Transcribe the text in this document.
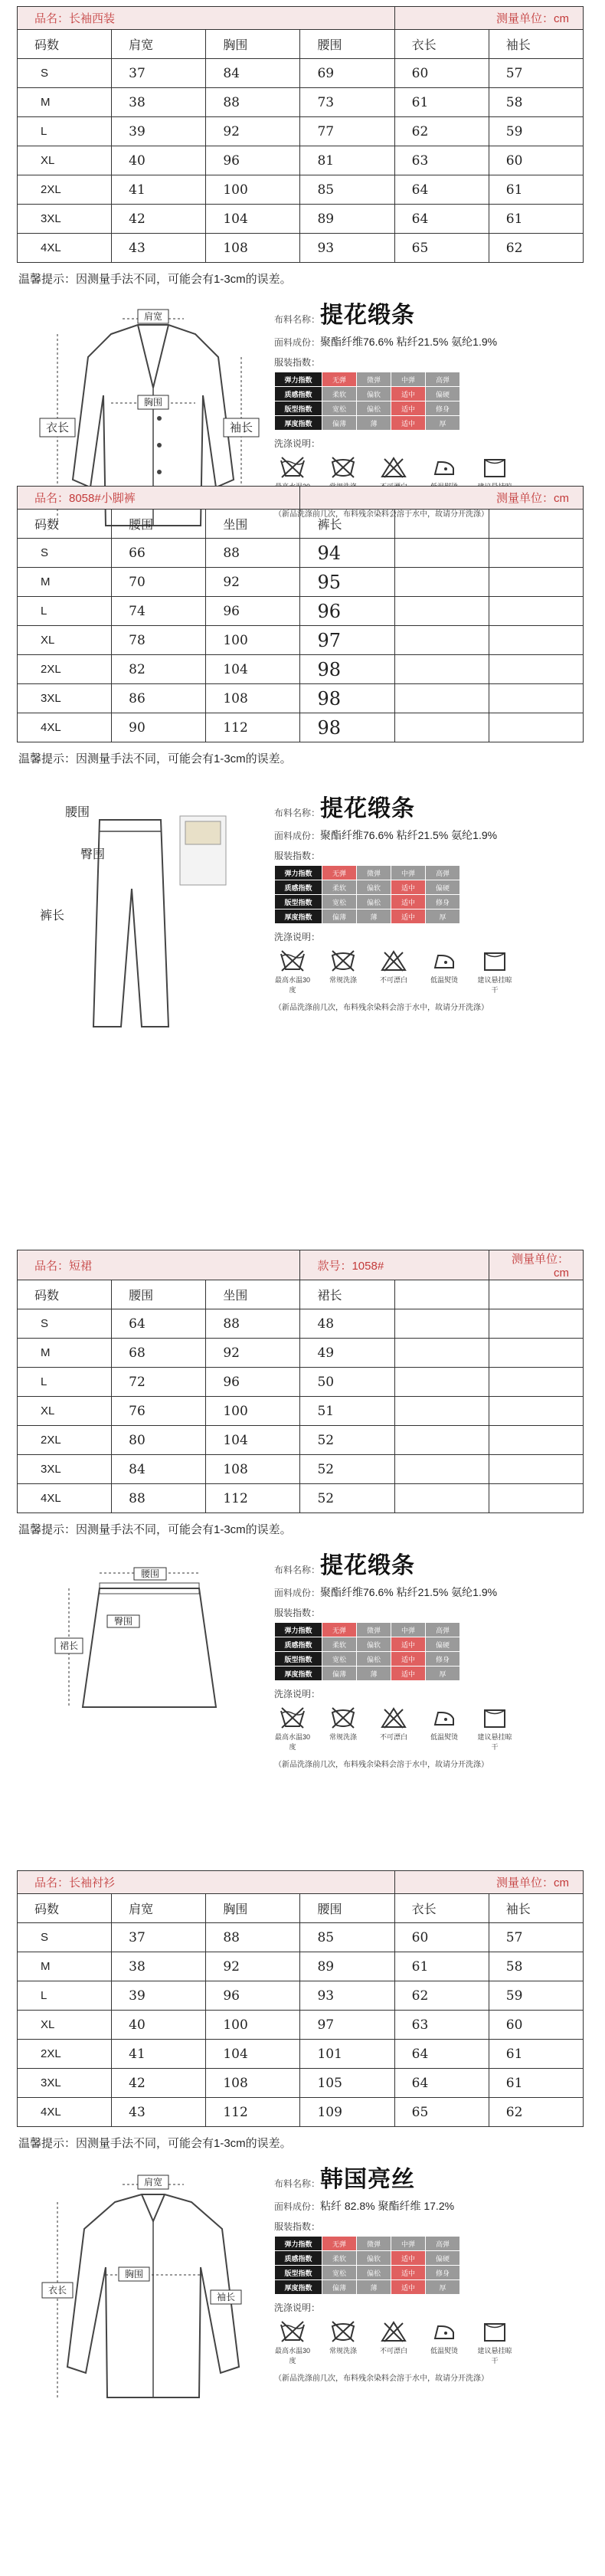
品名：长袖西装				测量单位：cm	
码数	肩宽	胸围	腰围	衣长	袖长
S	37	84	69	60	57
M	38	88	73	61	58
L	39	92	77	62	59
XL	40	96	81	63	60
2XL	41	100	85	64	61
3XL	42	104	89	64	61
4XL	43	108	93	65	62
温馨提示：因测量手法不同，可能会有1-3cm的误差。
肩宽
胸围
衣长	袖长
布料名称： 提花缎条
面料成份： 聚酯纤维76.6% 粘纤21.5% 氨纶1.9%
服装指数：
弹力指数	无弹	微弹	中弹	高弹
质感指数	柔软	偏软	适中	偏硬
版型指数	宽松	偏松	适中	修身
厚度指数	偏薄	薄	适中	厚
洗涤说明：
（新品洗涤前几次，布料残余染料会溶于水中，故请分开洗涤）
品名：8058#小脚裤			测量单位：cm		
码数	腰围	坐围	裤长		
S	66	88	94		
M	70	92	95		
L	74	96	96		
XL	78	100	97		
2XL	82	104	98		
3XL	86	108	98		
4XL	90	112	98		
温馨提示：因测量手法不同，可能会有1-3cm的误差。
腰围
臀围
裤长
布料名称： 提花缎条
面料成份： 聚酯纤维76.6% 粘纤21.5% 氨纶1.9%
服装指数：
弹力指数	无弹	微弹	中弹	高弹
质感指数	柔软	偏软	适中	偏硬
版型指数	宽松	偏松	适中	修身
厚度指数	偏薄	薄	适中	厚
洗涤说明：
最高水温30度
常规洗涤	不可漂白	低温熨烫	建议悬挂晾干
（新品洗涤前几次，布料残余染料会溶于水中，故请分开洗涤）
品名：短裙			款号：1058#		测量单位：cm
码数	腰围	坐围	裙长		
S	64	88	48		
M	68	92	49		
L	72	96	50		
XL	76	100	51		
2XL	80	104	52		
3XL	84	108	52		
4XL	88	112	52		
温馨提示：因测量手法不同，可能会有1-3cm的误差。
腰围
臀围
裙长
布料名称： 提花缎条
面料成份： 聚酯纤维76.6% 粘纤21.5% 氨纶1.9%
服装指数：
弹力指数	无弹	微弹	中弹	高弹
质感指数	柔软	偏软	适中	偏硬
版型指数	宽松	偏松	适中	修身
厚度指数	偏薄	薄	适中	厚
洗涤说明：
最高水温30度
常规洗涤	不可漂白	低温熨烫	建议悬挂晾干
（新品洗涤前几次，布料残余染料会溶于水中，故请分开洗涤）
品名：长袖衬衫				测量单位：cm	
码数	肩宽	胸围	腰围	衣长	袖长
S	37	88	85	60	57
M	38	92	89	61	58
L	39	96	93	62	59
XL	40	100	97	63	60
2XL	41	104	101	64	61
3XL	42	108	105	64	61
4XL	43	112	109	65	62
温馨提示：因测量手法不同，可能会有1-3cm的误差。
肩宽
胸围
衣长
袖长
布料名称： 韩国亮丝
面料成份： 粘纤 82.8% 聚酯纤维 17.2%
服装指数：
弹力指数	无弹	微弹	中弹	高弹
质感指数	柔软	偏软	适中	偏硬
版型指数	宽松	偏松	适中	修身
厚度指数	偏薄	薄	适中	厚
洗涤说明：
最高水温30度
常规洗涤	不可漂白	低温熨烫	建议悬挂晾干
（新品洗涤前几次，布料残余染料会溶于水中，故请分开洗涤）
